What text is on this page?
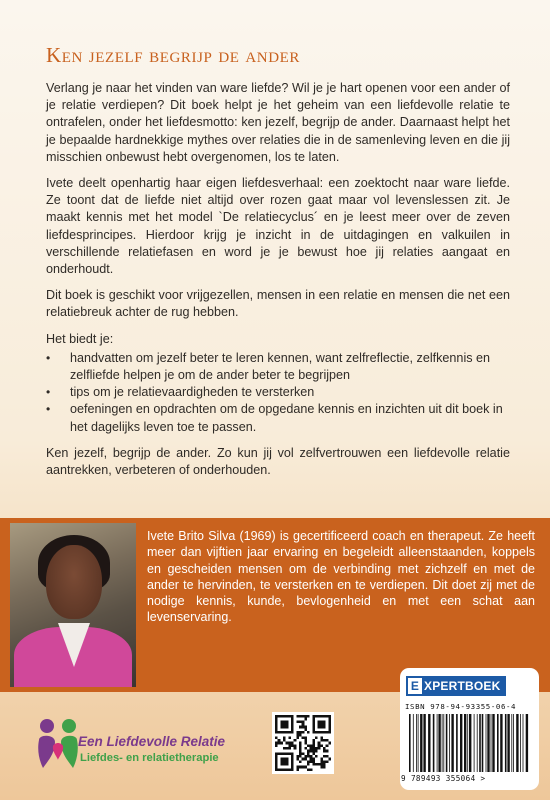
Ken jezelf begrijp de ander

Verlang je naar het vinden van ware liefde? Wil je je hart openen voor een ander of je relatie verdiepen? Dit boek helpt je het geheim van een liefdevolle relatie te ontrafelen, onder het liefdesmotto: ken jezelf, begrijp de ander. Daarnaast helpt het je bepaalde hardnekkige mythes over relaties die in de samenleving leven en die jij misschien onbewust hebt overgenomen, los te laten.

Ivete deelt openhartig haar eigen liefdesverhaal: een zoektocht naar ware liefde. Ze toont dat de liefde niet altijd over rozen gaat maar vol levenslessen zit. Je maakt kennis met het model `De relatiecyclus´ en je leest meer over de zeven liefdesprincipes. Hierdoor krijg je inzicht in de uitdagingen en valkuilen in verschillende relatiefasen en word je je bewust hoe jij relaties aangaat en onderhoudt.

Dit boek is geschikt voor vrijgezellen, mensen in een relatie en mensen die net een relatiebreuk achter de rug hebben.

Het biedt je:

• handvatten om jezelf beter te leren kennen, want zelfreflectie, zelfkennis en zelfliefde helpen je om de ander beter te begrijpen
• tips om je relatievaardigheden te versterken
• oefeningen en opdrachten om de opgedane kennis en inzichten uit dit boek in het dagelijks leven toe te passen.

Ken jezelf, begrijp de ander. Zo kun jij vol zelfvertrouwen een liefdevolle relatie aantrekken, verbeteren of onderhouden.

Ivete Brito Silva (1969) is gecertificeerd coach en therapeut. Ze heeft meer dan vijftien jaar ervaring en begeleidt alleenstaanden, koppels en gescheiden mensen om de verbinding met zichzelf en met de ander te hervinden, te versterken en te verdiepen. Dit doet zij met de nodige kennis, kunde, bevlogenheid en met een schat aan levenservaring.
Een Liefdevolle Relatie
Liefdes- en relatietherapie
E XPERTBOEK
ISBN 978-94-93355-06-4
9 789493 355064 >
